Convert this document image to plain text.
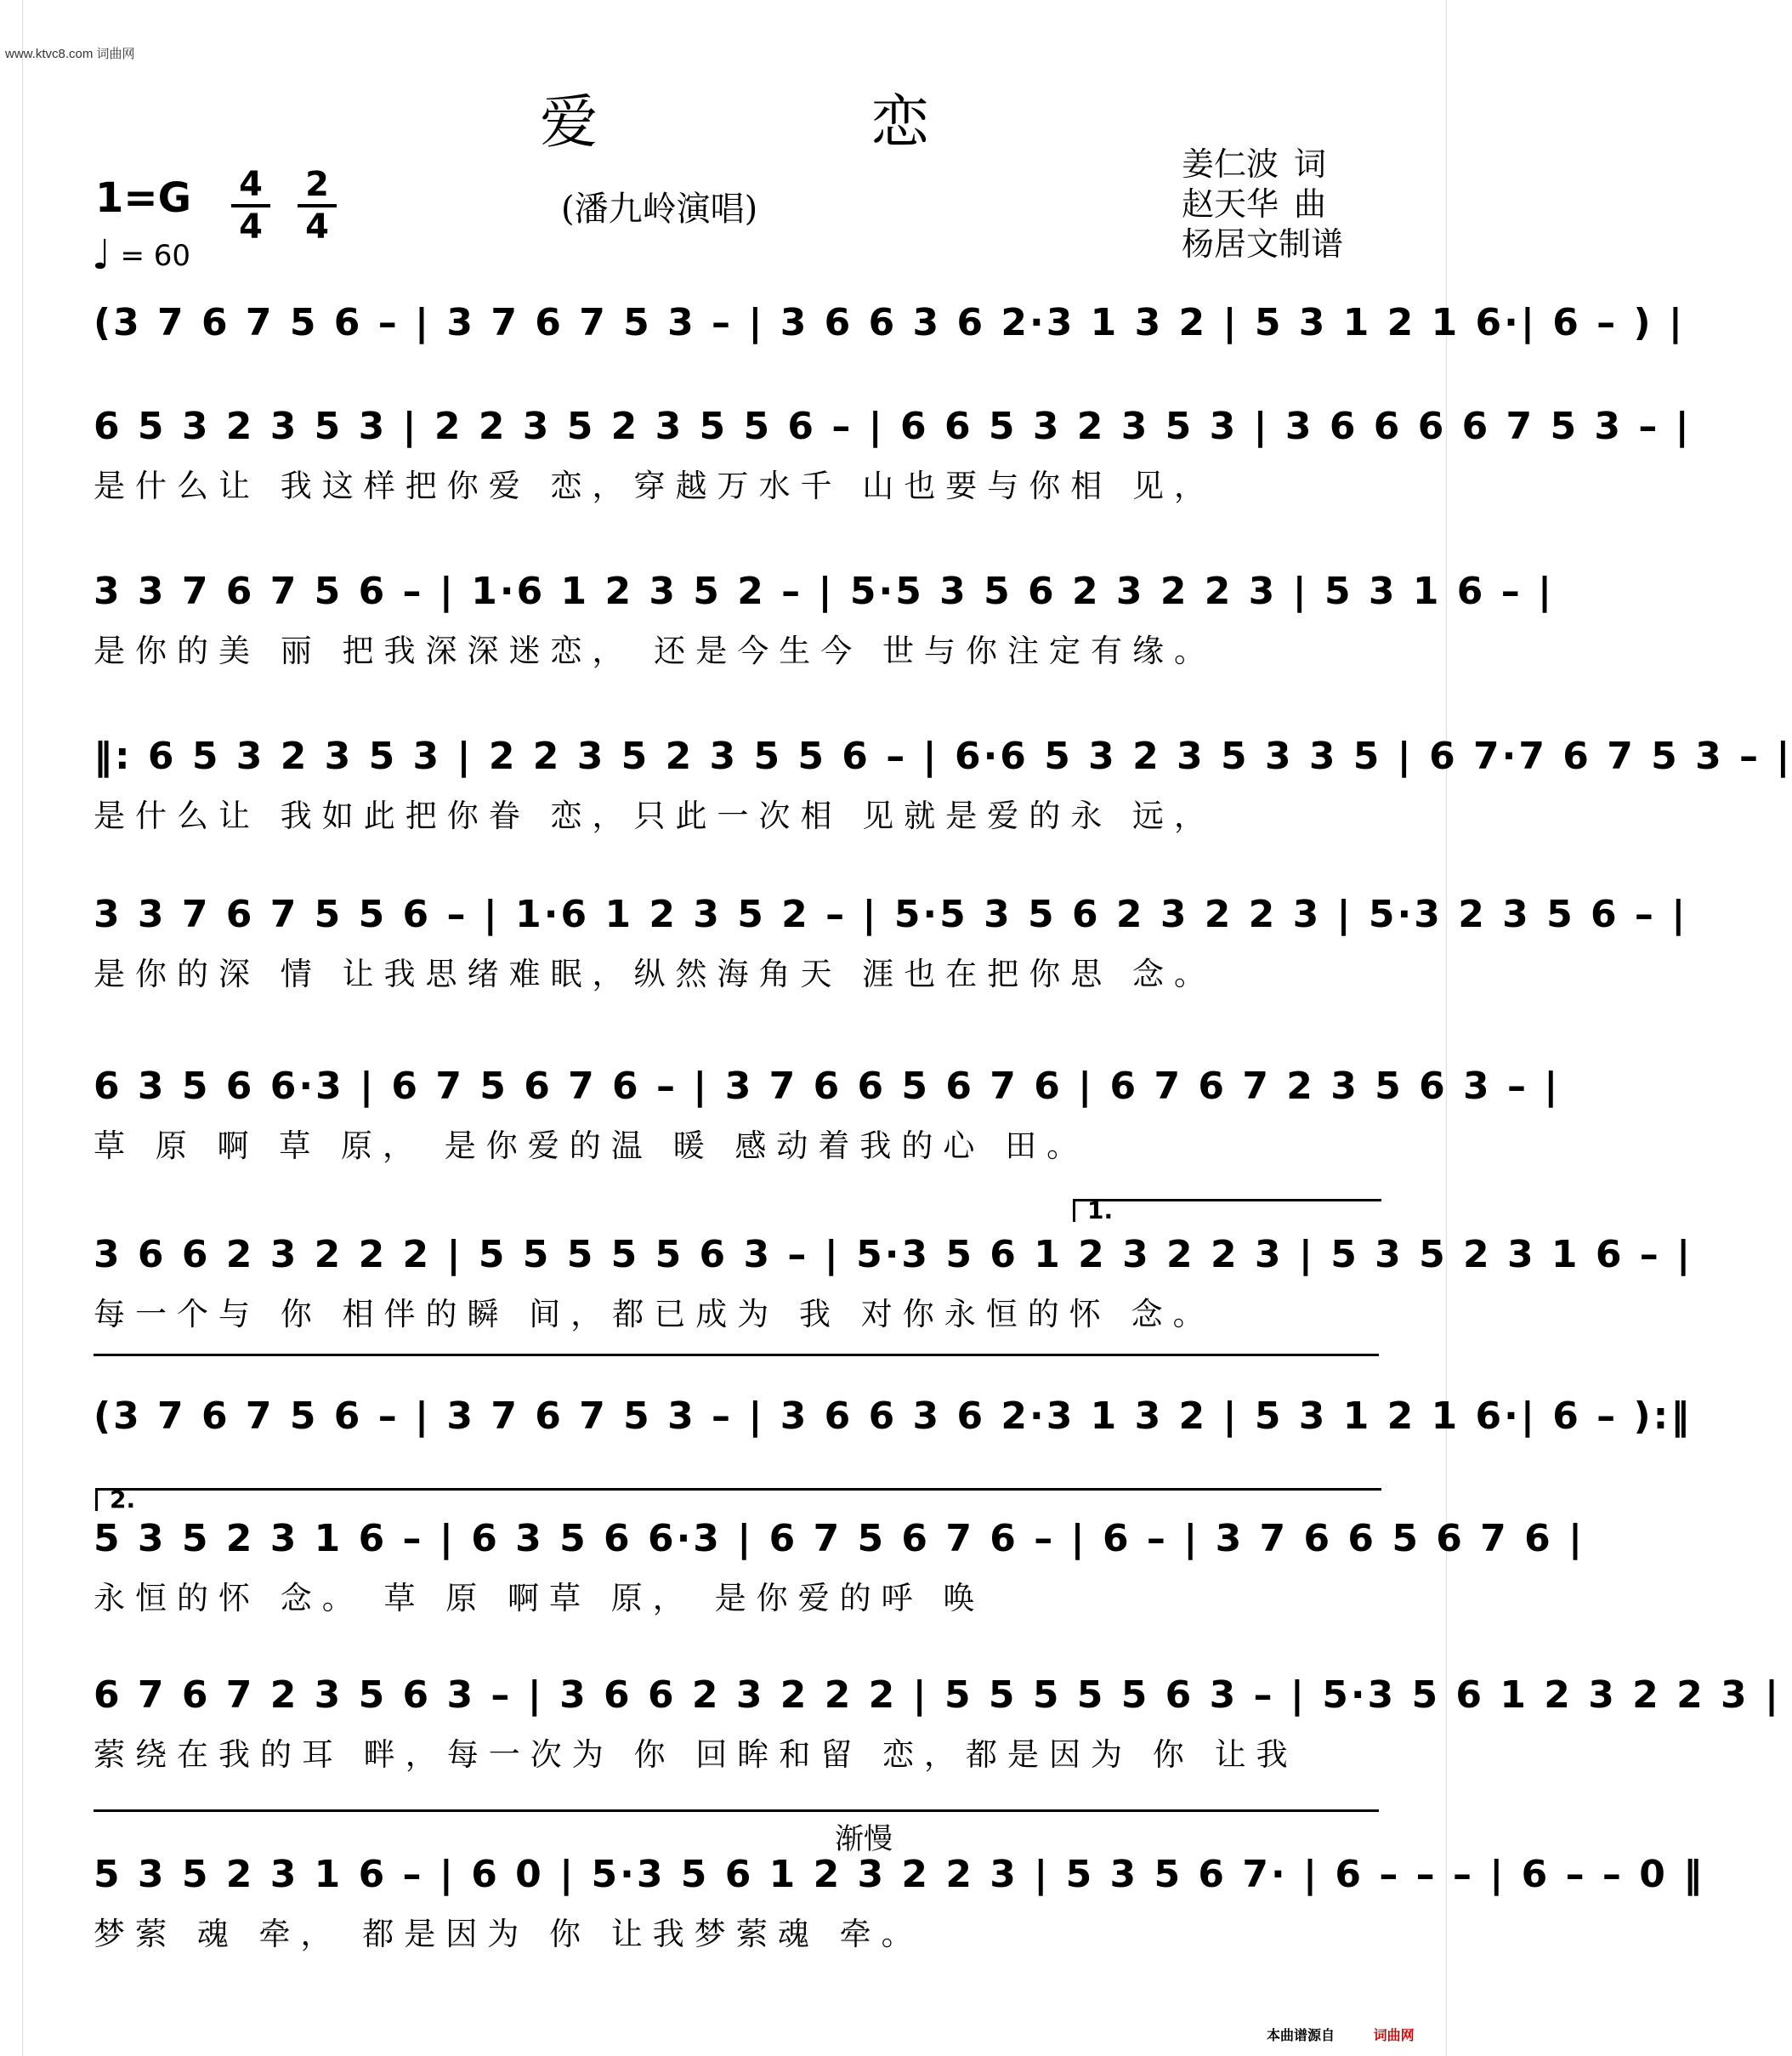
www.ktvc8.com 词曲网
爱 恋
(潘九岭演唱)
1=G 4
4
2
4
♩ = 60
姜仁波 词
赵天华 曲
杨居文制谱
(3 7 6 7 5 6 – | 3 7 6 7 5 3 – | 3 6 6 3 6 2·3 1 3 2 | 5 3 1 2 1 6·| 6 – ) |
6 5 3 2 3 5 3 | 2 2 3 5 2 3 5 5 6 – | 6 6 5 3 2 3 5 3 | 3 6 6 6 6 7 5 3 – |
是什么让 我这样把你爱 恋，穿越万水千 山也要与你相 见，
3 3 7 6 7 5 6 – | 1·6 1 2 3 5 2 – | 5·5 3 5 6 2 3 2 2 3 | 5 3 1 6 – |
是你的美 丽 把我深深迷恋， 还是今生今 世与你注定有缘。
‖: 6 5 3 2 3 5 3 | 2 2 3 5 2 3 5 5 6 – | 6·6 5 3 2 3 5 3 3 5 | 6 7·7 6 7 5 3 – |
是什么让 我如此把你眷 恋，只此一次相 见就是爱的永 远，
3 3 7 6 7 5 5 6 – | 1·6 1 2 3 5 2 – | 5·5 3 5 6 2 3 2 2 3 | 5·3 2 3 5 6 – |
是你的深 情 让我思绪难眠，纵然海角天 涯也在把你思 念。
6 3 5 6 6·3 | 6 7 5 6 7 6 – | 3 7 6 6 5 6 7 6 | 6 7 6 7 2 3 5 6 3 – |
草 原 啊 草 原， 是你爱的温 暖 感动着我的心 田。
1.
3 6 6 2 3 2 2 2 | 5 5 5 5 5 6 3 – | 5·3 5 6 1 2 3 2 2 3 | 5 3 5 2 3 1 6 – |
每一个与 你 相伴的瞬 间，都已成为 我 对你永恒的怀 念。
(3 7 6 7 5 6 – | 3 7 6 7 5 3 – | 3 6 6 3 6 2·3 1 3 2 | 5 3 1 2 1 6·| 6 – ):‖
2.
5 3 5 2 3 1 6 – | 6 3 5 6 6·3 | 6 7 5 6 7 6 – | 6 – | 3 7 6 6 5 6 7 6 |
永恒的怀 念。 草 原 啊草 原， 是你爱的呼 唤
6 7 6 7 2 3 5 6 3 – | 3 6 6 2 3 2 2 2 | 5 5 5 5 5 6 3 – | 5·3 5 6 1 2 3 2 2 3 |
萦绕在我的耳 畔，每一次为 你 回眸和留 恋，都是因为 你 让我
渐慢
5 3 5 2 3 1 6 – | 6 0 | 5·3 5 6 1 2 3 2 2 3 | 5 3 5 6 7· | 6 – – – | 6 – – 0 ‖
梦萦 魂 牵， 都是因为 你 让我梦萦魂 牵。
本曲谱源自	词曲网
